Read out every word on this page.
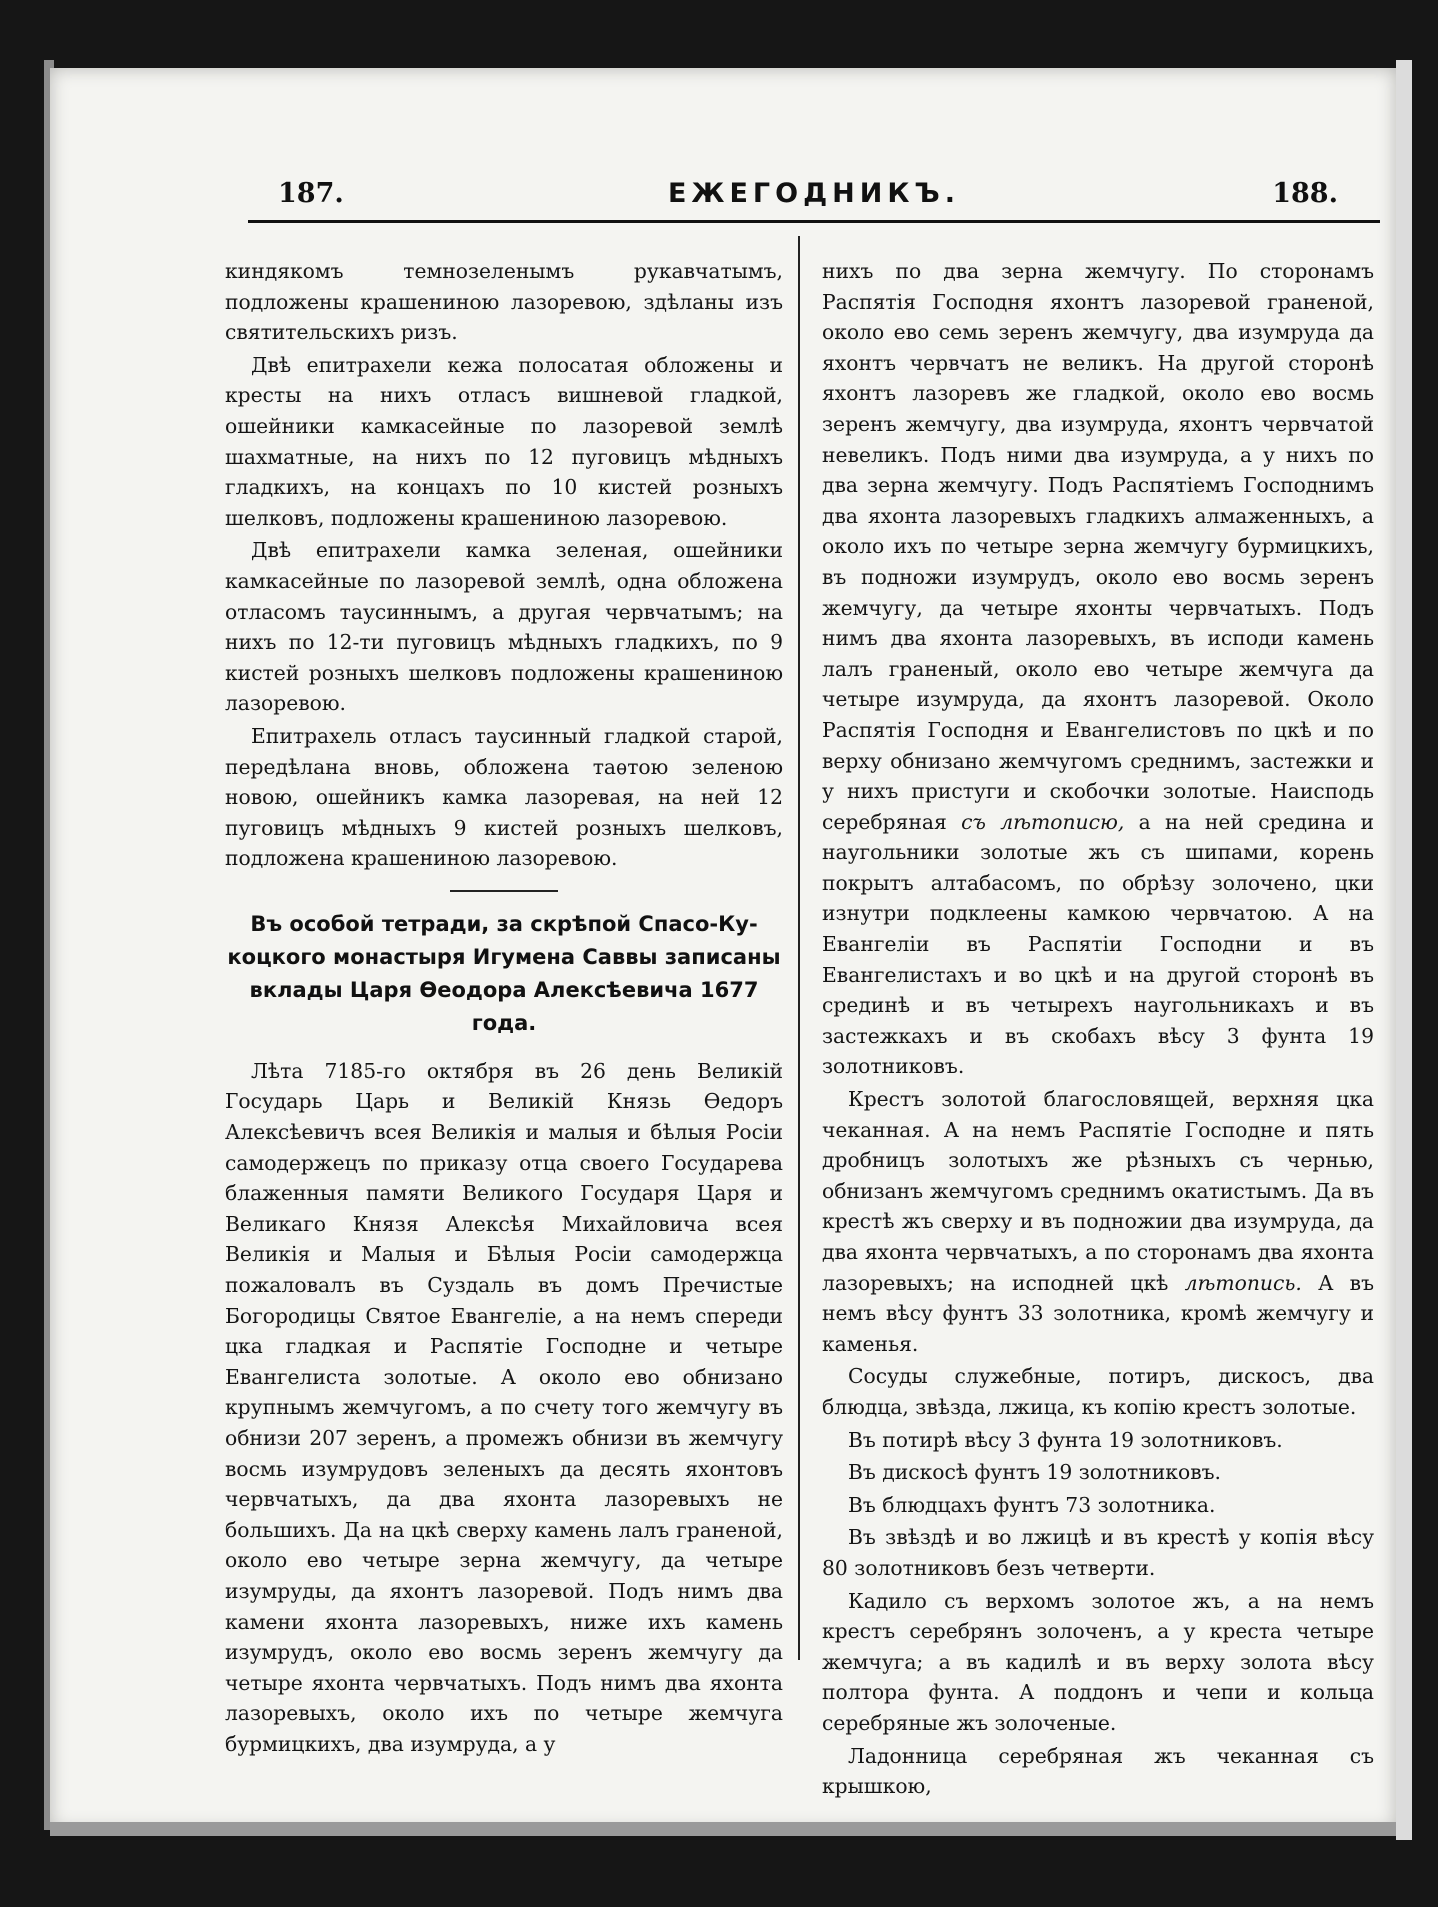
187.	ЕЖЕГОДНИКЪ.	188.

киндякомъ темнозеленымъ рукавчатымъ, подложены крашениною лазоревою, здѣланы изъ святительскихъ ризъ.

Двѣ епитрахели кежа полосатая обложены и кресты на нихъ отласъ вишневой гладкой, ошейники камкасейные по лазоревой землѣ шахматные, на нихъ по 12 пуговицъ мѣдныхъ гладкихъ, на концахъ по 10 кистей розныхъ шелковъ, подложены крашениною лазоревою.

Двѣ епитрахели камка зеленая, ошейники камкасейные по лазоревой землѣ, одна обложена отласомъ таусиннымъ, а другая червчатымъ; на нихъ по 12-ти пуговицъ мѣдныхъ гладкихъ, по 9 кистей розныхъ шелковъ подложены крашениною лазоревою.

Епитрахель отласъ таусинный гладкой старой, передѣлана вновь, обложена таѳтою зеленою новою, ошейникъ камка лазоревая, на ней 12 пуговицъ мѣдныхъ 9 кистей розныхъ шелковъ, подложена крашениною лазоревою.

Въ особой тетради, за скрѣпой Спасо-Ку-
коцкого монастыря Игумена Саввы записаны
вклады Царя Ѳеодора Алексѣевича 1677 года.

Лѣта 7185-го октября въ 26 день Великій Государь Царь и Великій Князь Ѳедоръ Алексѣевичъ всея Великія и малыя и бѣлыя Росіи самодержецъ по приказу отца своего Государева блаженныя памяти Великого Государя Царя и Великаго Князя Алексѣя Михайловича всея Великія и Малыя и Бѣлыя Росіи самодержца пожаловалъ въ Суздаль въ домъ Пречистые Богородицы Святое Евангеліе, а на немъ спереди цка гладкая и Распятіе Господне и четыре Евангелиста золотые. А около ево обнизано крупнымъ жемчугомъ, а по счету того жемчугу въ обнизи 207 зеренъ, а промежъ обнизи въ жемчугу восмь изумрудовъ зеленыхъ да десять яхонтовъ червчатыхъ, да два яхонта лазоревыхъ не большихъ. Да на цкѣ сверху камень лалъ граненой, около ево четыре зерна жемчугу, да четыре изумруды, да яхонтъ лазоревой. Подъ нимъ два камени яхонта лазоревыхъ, ниже ихъ камень изумрудъ, около ево восмь зеренъ жемчугу да четыре яхонта червчатыхъ. Подъ нимъ два яхонта лазоревыхъ, около ихъ по четыре жемчуга бурмицкихъ, два изумруда, а у

нихъ по два зерна жемчугу. По сторонамъ Распятія Господня яхонтъ лазоревой граненой, около ево семь зеренъ жемчугу, два изумруда да яхонтъ червчатъ не великъ. На другой сторонѣ яхонтъ лазоревъ же гладкой, около ево восмь зеренъ жемчугу, два изумруда, яхонтъ червчатой невеликъ. Подъ ними два изумруда, а у нихъ по два зерна жемчугу. Подъ Распятіемъ Господнимъ два яхонта лазоревыхъ гладкихъ алмаженныхъ, а около ихъ по четыре зерна жемчугу бурмицкихъ, въ подножи изумрудъ, около ево восмь зеренъ жемчугу, да четыре яхонты червчатыхъ. Подъ нимъ два яхонта лазоревыхъ, въ исподи камень лалъ граненый, около ево четыре жемчуга да четыре изумруда, да яхонтъ лазоревой. Около Распятія Господня и Евангелистовъ по цкѣ и по верху обнизано жемчугомъ среднимъ, застежки и у нихъ пристуги и скобочки золотые. Наисподь серебряная съ лѣтописю, а на ней средина и наугольники золотые жъ съ шипами, корень покрытъ алтабасомъ, по обрѣзу золочено, цки изнутри подклеены камкою червчатою. А на Евангеліи въ Распятіи Господни и въ Евангелистахъ и во цкѣ и на другой сторонѣ въ срединѣ и въ четырехъ наугольникахъ и въ застежкахъ и въ скобахъ вѣсу 3 фунта 19 золотниковъ.

Крестъ золотой благословящей, верхняя цка чеканная. А на немъ Распятіе Господне и пять дробницъ золотыхъ же рѣзныхъ съ чернью, обнизанъ жемчугомъ среднимъ окатистымъ. Да въ крестѣ жъ сверху и въ подножии два изумруда, да два яхонта червчатыхъ, а по сторонамъ два яхонта лазоревыхъ; на исподней цкѣ лѣтопись. А въ немъ вѣсу фунтъ 33 золотника, кромѣ жемчугу и каменья.

Сосуды служебные, потиръ, дискосъ, два блюдца, звѣзда, лжица, къ копію крестъ золотые.

Въ потирѣ вѣсу 3 фунта 19 золотниковъ.

Въ дискосѣ фунтъ 19 золотниковъ.

Въ блюдцахъ фунтъ 73 золотника.

Въ звѣздѣ и во лжицѣ и въ крестѣ у копія вѣсу 80 золотниковъ безъ четверти.

Кадило съ верхомъ золотое жъ, а на немъ крестъ серебрянъ золоченъ, а у креста четыре жемчуга; а въ кадилѣ и въ верху золота вѣсу полтора фунта. А поддонъ и чепи и кольца серебряные жъ золоченые.

Ладонница серебряная жъ чеканная съ крышкою,
